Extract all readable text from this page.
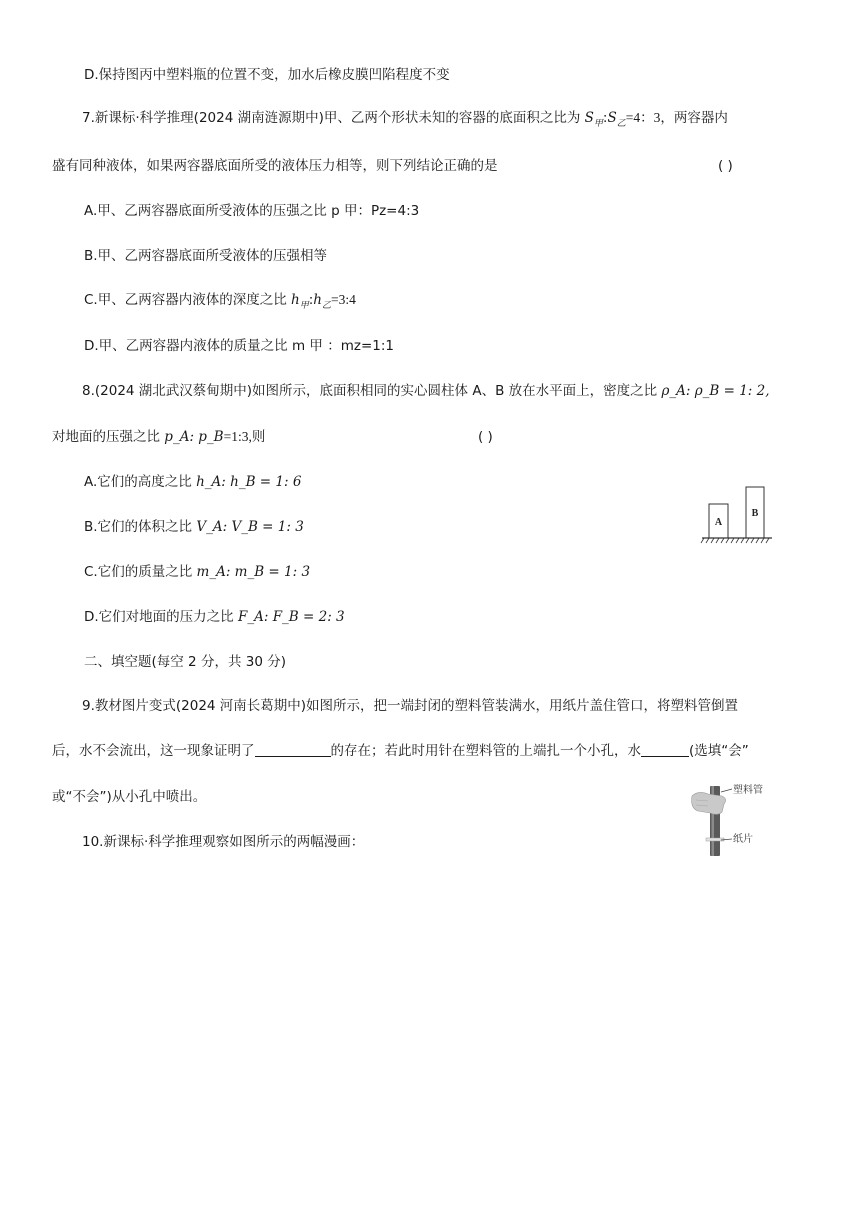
D.保持图丙中塑料瓶的位置不变，加水后橡皮膜凹陷程度不变
7.新课标·科学推理(2024 湖南涟源期中)甲、乙两个形状未知的容器的底面积之比为 $S_甲:S_乙=4$：3，两容器内
盛有同种液体，如果两容器底面所受的液体压力相等，则下列结论正确的是	( )
A.甲、乙两容器底面所受液体的压强之比 p 甲：Pz=4:3
B.甲、乙两容器底面所受液体的压强相等
C.甲、乙两容器内液体的深度之比 $h_甲:h_乙=3:4$
D.甲、乙两容器内液体的质量之比 m 甲 ：mz=1:1
8.(2024 湖北武汉蔡甸期中)如图所示，底面积相同的实心圆柱体 A、B 放在水平面上，密度之比 ρ_A: ρ_B = 1: 2,
对地面的压强之比 p_A: p_B=1:3,则	( )
A.它们的高度之比 h_A: h_B = 1: 6
B.它们的体积之比 V_A: V_B = 1: 3
C.它们的质量之比 m_A: m_B = 1: 3
D.它们对地面的压力之比 F_A: F_B = 2: 3
A
B
二、填空题(每空 2 分，共 30 分)
9.教材图片变式(2024 河南长葛期中)如图所示，把一端封闭的塑料管装满水，用纸片盖住管口，将塑料管倒置
后，水不会流出，这一现象证明了	的存在；若此时用针在塑料管的上端扎一个小孔，水	(选填“会”
或“不会”)从小孔中喷出。	塑料管
纸片
10.新课标·科学推理观察如图所示的两幅漫画：
